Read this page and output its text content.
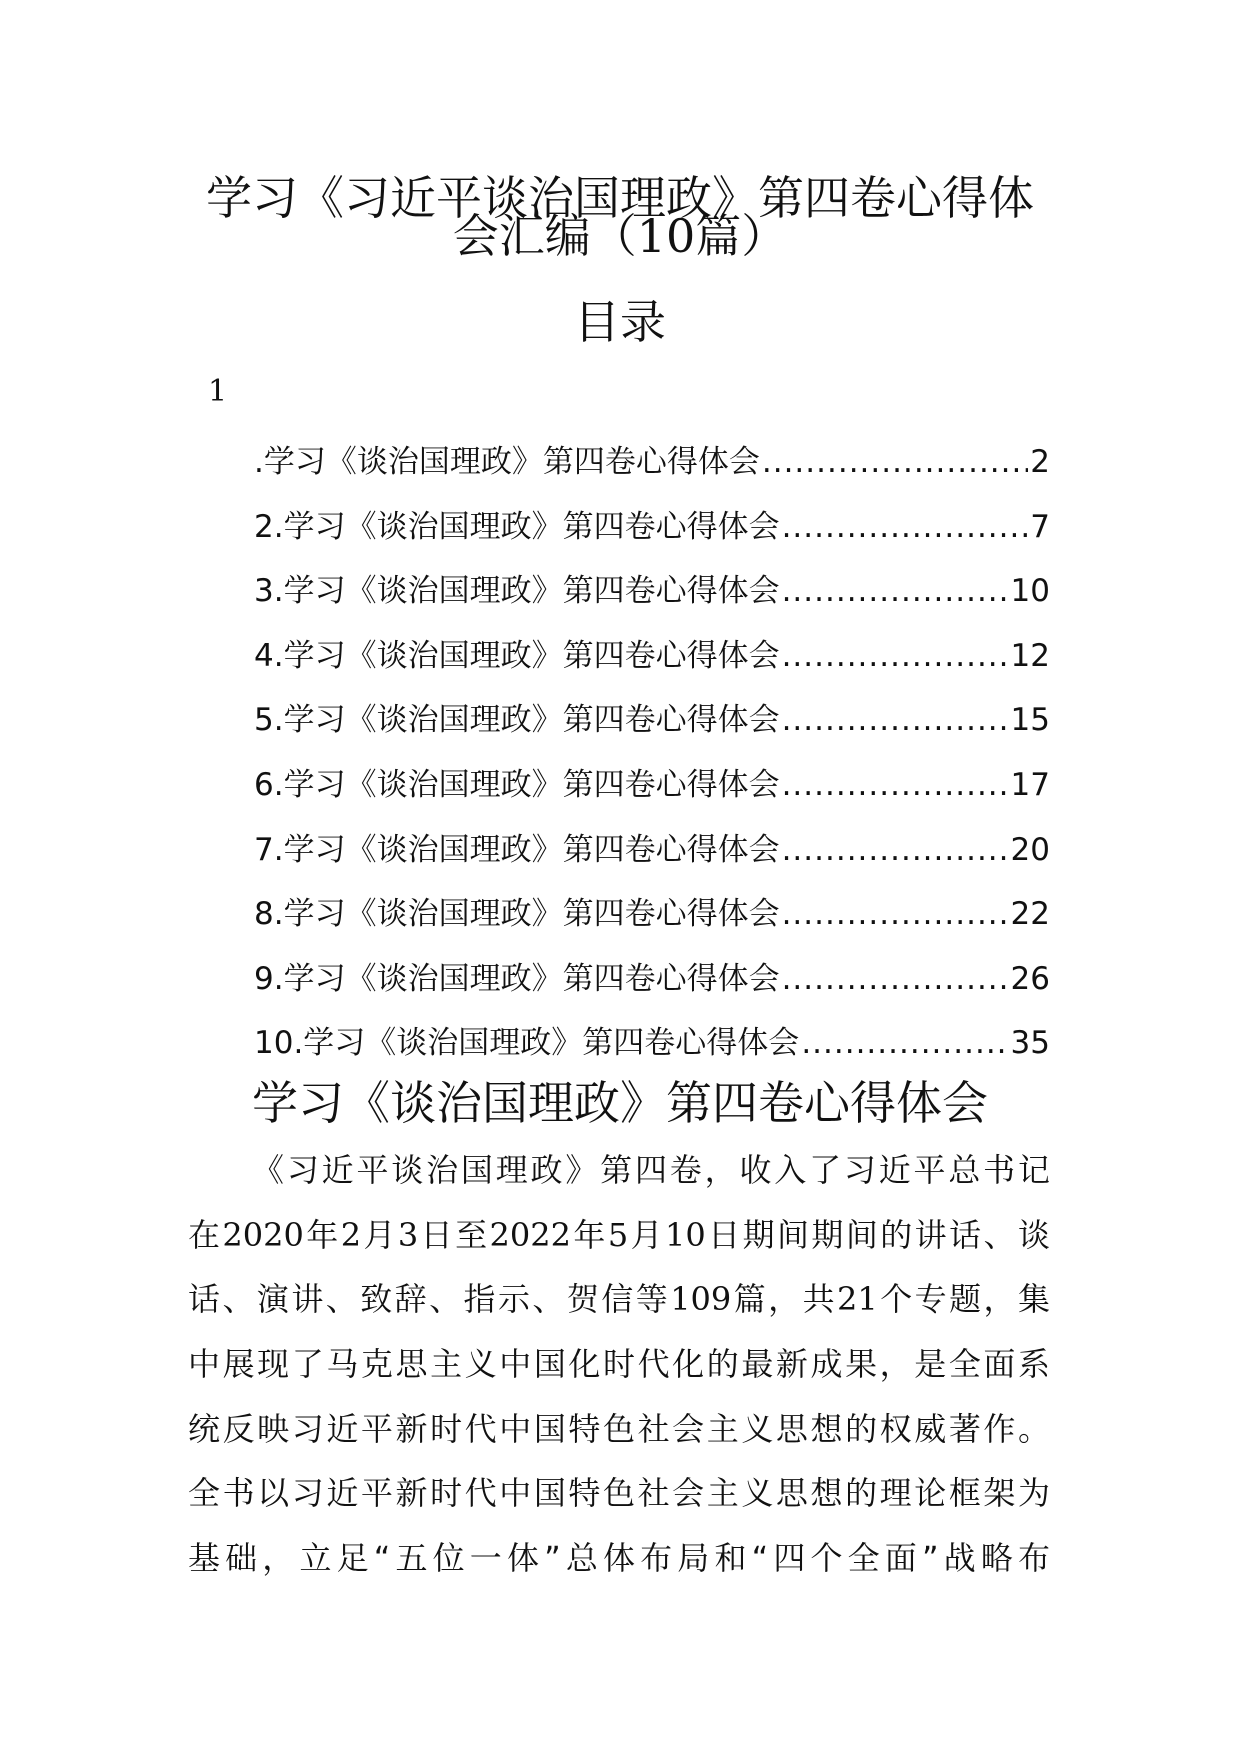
学习《习近平谈治国理政》第四卷心得体
会汇编（10篇）
目录
1
.学习《谈治国理政》第四卷心得体会 .....	2
2.学习《谈治国理政》第四卷心得体会 .....	7
3.学习《谈治国理政》第四卷心得体会 .....	10
4.学习《谈治国理政》第四卷心得体会 .....	12
5.学习《谈治国理政》第四卷心得体会 .....	15
6.学习《谈治国理政》第四卷心得体会 .....	17
7.学习《谈治国理政》第四卷心得体会 .....	20
8.学习《谈治国理政》第四卷心得体会 .....	22
9.学习《谈治国理政》第四卷心得体会 .....	26
10.学习《谈治国理政》第四卷心得体会 .....	35
学习《谈治国理政》第四卷心得体会
《习近平谈治国理政》第四卷，收入了习近平总书记
在2020年2月3日至2022年5月10日期间期间的讲话、谈
话、演讲、致辞、指示、贺信等109篇，共21个专题，集
中展现了马克思主义中国化时代化的最新成果，是全面系
统反映习近平新时代中国特色社会主义思想的权威著作。
全书以习近平新时代中国特色社会主义思想的理论框架为
基础，立足“五位一体”总体布局和“四个全面”战略布
